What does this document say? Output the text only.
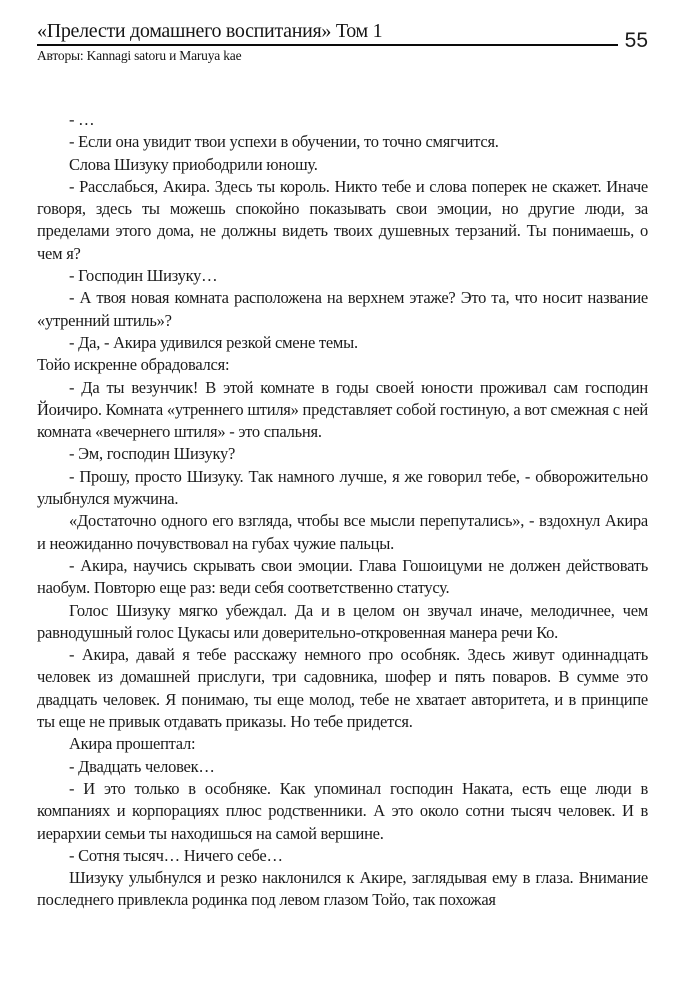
«Прелести домашнего воспитания» Том 1	55
Авторы: Kannagi satoru и Maruya kae

- …

- Если она увидит твои успехи в обучении, то точно смягчится.

Слова Шизуку приободрили юношу.

- Расслабься, Акира. Здесь ты король. Никто тебе и слова поперек не скажет. Иначе говоря, здесь ты можешь спокойно показывать свои эмоции, но другие люди, за пределами этого дома, не должны видеть твоих душевных терзаний. Ты понимаешь, о чем я?

- Господин Шизуку…

- А твоя новая комната расположена на верхнем этаже? Это та, что носит название «утренний штиль»?

- Да, - Акира удивился резкой смене темы.

Тойо искренне обрадовался:

- Да ты везунчик! В этой комнате в годы своей юности проживал сам господин Йоичиро. Комната «утреннего штиля» представляет собой гостиную, а вот смежная с ней комната «вечернего штиля» - это спальня.

- Эм, господин Шизуку?

- Прошу, просто Шизуку. Так намного лучше, я же говорил тебе, - обворожительно улыбнулся мужчина.

«Достаточно одного его взгляда, чтобы все мысли перепутались», - вздохнул Акира и неожиданно почувствовал на губах чужие пальцы.

- Акира, научись скрывать свои эмоции. Глава Гошоицуми не должен действовать наобум. Повторю еще раз: веди себя соответственно статусу.

Голос Шизуку мягко убеждал. Да и в целом он звучал иначе, мелодичнее, чем равнодушный голос Цукасы или доверительно-откровенная манера речи Ко.

- Акира, давай я тебе расскажу немного про особняк. Здесь живут одиннадцать человек из домашней прислуги, три садовника, шофер и пять поваров. В сумме это двадцать человек. Я понимаю, ты еще молод, тебе не хватает авторитета, и в принципе ты еще не привык отдавать приказы. Но тебе придется.

Акира прошептал:

- Двадцать человек…

- И это только в особняке. Как упоминал господин Наката, есть еще люди в компаниях и корпорациях плюс родственники. А это около сотни тысяч человек. И в иерархии семьи ты находишься на самой вершине.

- Сотня тысяч… Ничего себе…

Шизуку улыбнулся и резко наклонился к Акире, заглядывая ему в глаза. Внимание последнего привлекла родинка под левом глазом Тойо, так похожая
